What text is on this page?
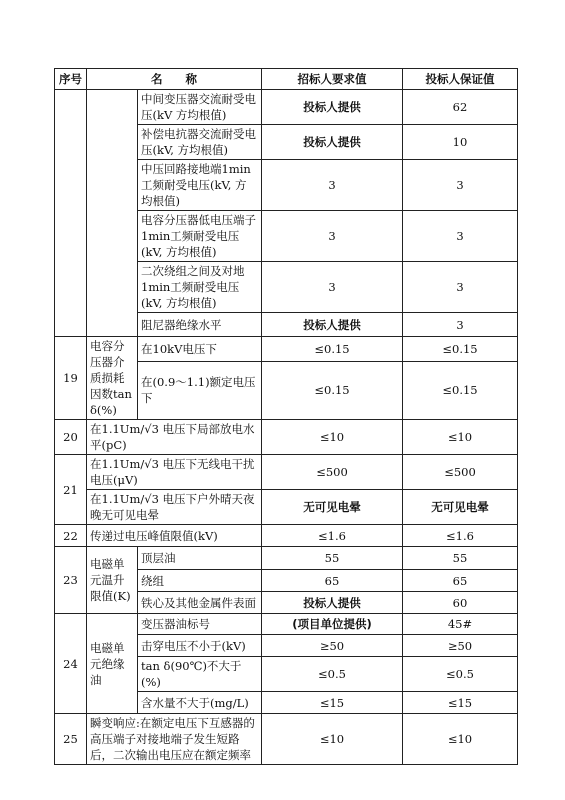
序号	名　　称		招标人要求值	投标人保证值
		中间变压器交流耐受电压(kV 方均根值)	投标人提供	62
		补偿电抗器交流耐受电压(kV, 方均根值)	投标人提供	10
		中压回路接地端1min工频耐受电压(kV, 方均根值)	3	3
		电容分压器低电压端子1min工频耐受电压(kV, 方均根值)	3	3
		二次绕组之间及对地1min工频耐受电压(kV, 方均根值)	3	3
		阻尼器绝缘水平	投标人提供	3
19	电容分压器介质损耗因数tan δ(%)	在10kV电压下	≤0.15	≤0.15
		在(0.9～1.1)额定电压下	≤0.15	≤0.15
20	在1.1Um/√3 电压下局部放电水平(pC)		≤10	≤10
21	在1.1Um/√3 电压下无线电干扰电压(μV)		≤500	≤500
	在1.1Um/√3 电压下户外晴天夜晚无可见电晕		无可见电晕	无可见电晕
22	传递过电压峰值限值(kV)		≤1.6	≤1.6
23	电磁单元温升限值(K)	顶层油	55	55
		绕组	65	65
		铁心及其他金属件表面	投标人提供	60
24	电磁单元绝缘油	变压器油标号	(项目单位提供)	45#
		击穿电压不小于(kV)	≥50	≥50
		tan δ(90℃)不大于(%)	≤0.5	≤0.5
		含水量不大于(mg/L)	≤15	≤15
25	瞬变响应:在额定电压下互感器的高压端子对接地端子发生短路后，二次输出电压应在额定频率		≤10	≤10
